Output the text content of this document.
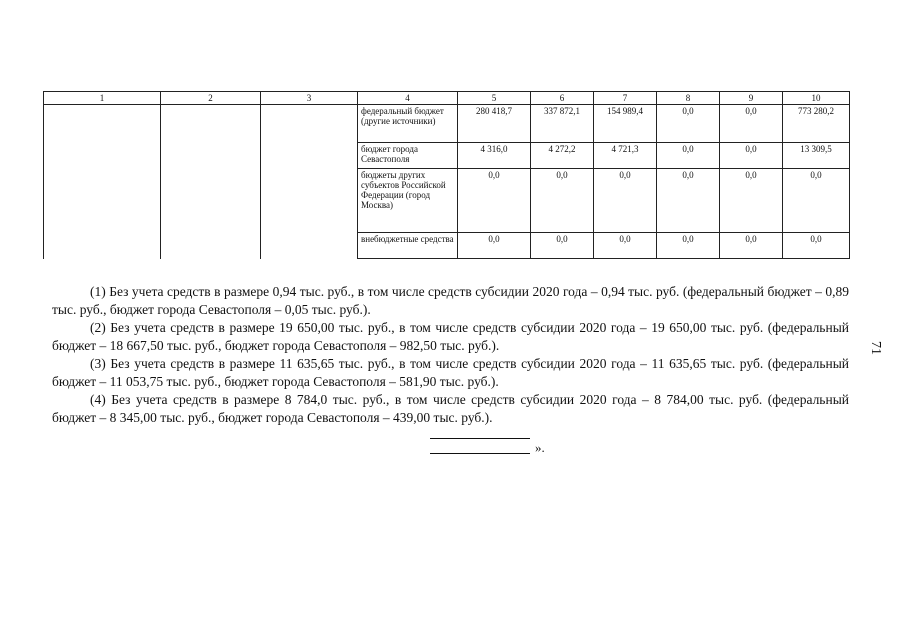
1	2	3	4	5	6	7	8	9	10
			федеральный бюджет (другие источники)	280 418,7	337 872,1	154 989,4	0,0	0,0	773 280,2
			бюджет города Севастополя	4 316,0	4 272,2	4 721,3	0,0	0,0	13 309,5
			бюджеты других субъектов Российской Федерации (город Москва)	0,0	0,0	0,0	0,0	0,0	0,0
			внебюджетные средства	0,0	0,0	0,0	0,0	0,0	0,0

(1) Без учета средств в размере 0,94 тыс. руб., в том числе средств субсидии 2020 года – 0,94 тыс. руб. (федеральный бюджет – 0,89 тыс. руб., бюджет города Севастополя – 0,05 тыс. руб.).

(2) Без учета средств в размере 19 650,00 тыс. руб., в том числе средств субсидии 2020 года – 19 650,00 тыс. руб. (федеральный бюджет – 18 667,50 тыс. руб., бюджет города Севастополя – 982,50 тыс. руб.).

(3) Без учета средств в размере 11 635,65 тыс. руб., в том числе средств субсидии 2020 года – 11 635,65 тыс. руб. (федеральный бюджет – 11 053,75 тыс. руб., бюджет города Севастополя – 581,90 тыс. руб.).

(4) Без учета средств в размере 8 784,0 тыс. руб., в том числе средств субсидии 2020 года – 8 784,00 тыс. руб. (федеральный бюджет – 8 345,00 тыс. руб., бюджет города Севастополя – 439,00 тыс. руб.).

».
71
